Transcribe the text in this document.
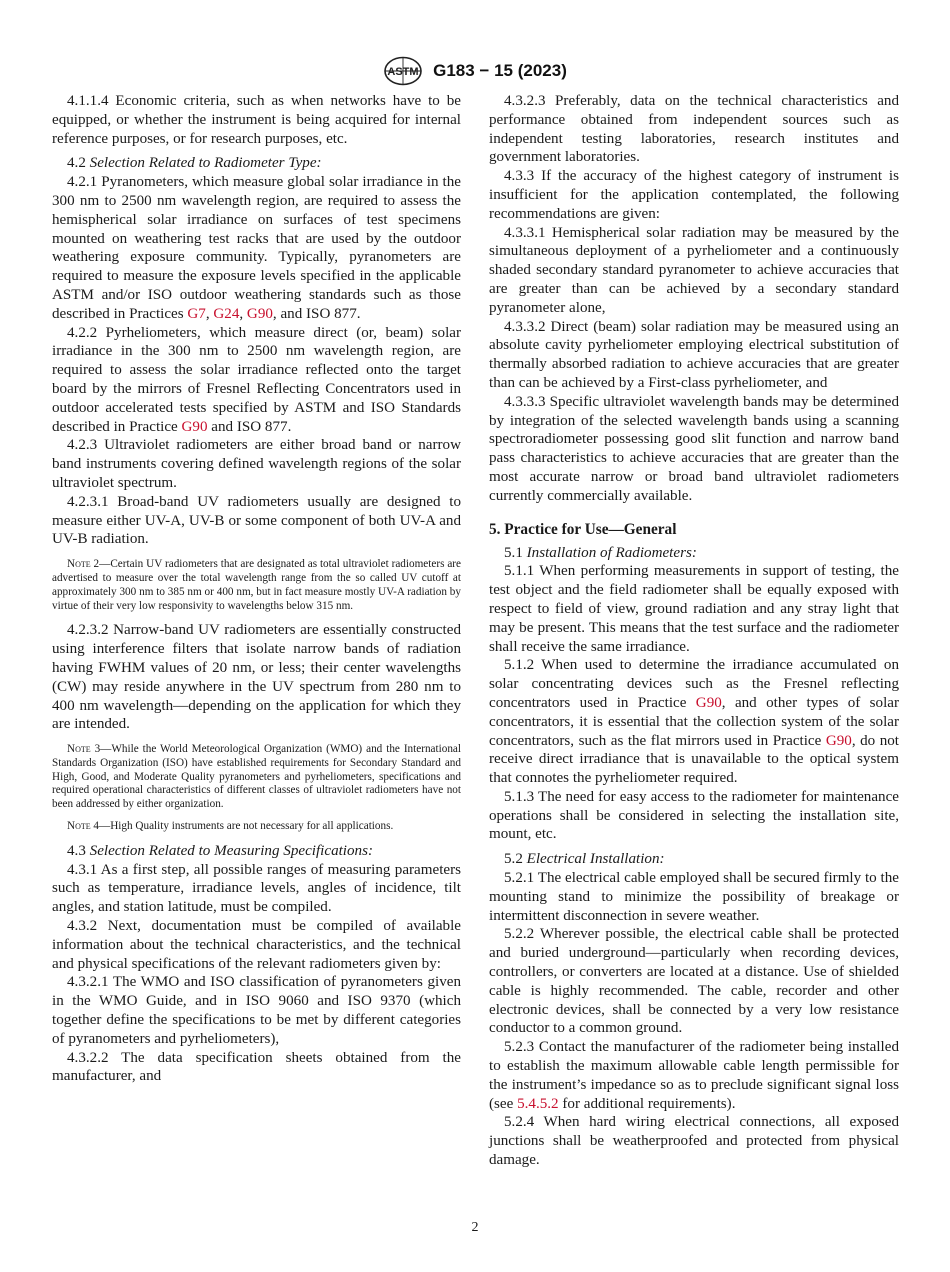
ASTM G183 − 15 (2023)

4.1.1.4 Economic criteria, such as when networks have to be equipped, or whether the instrument is being acquired for internal reference purposes, or for research purposes, etc.

4.2 Selection Related to Radiometer Type:

4.2.1 Pyranometers, which measure global solar irradiance in the 300 nm to 2500 nm wavelength region, are required to assess the hemispherical solar irradiance on surfaces of test specimens mounted on weathering test racks that are used by the outdoor weathering exposure community. Typically, pyranometers are required to measure the exposure levels specified in the applicable ASTM and/or ISO outdoor weathering standards such as those described in Practices G7, G24, G90, and ISO 877.

4.2.2 Pyrheliometers, which measure direct (or, beam) solar irradiance in the 300 nm to 2500 nm wavelength region, are required to assess the solar irradiance reflected onto the target board by the mirrors of Fresnel Reflecting Concentrators used in outdoor accelerated tests specified by ASTM and ISO Standards described in Practice G90 and ISO 877.

4.2.3 Ultraviolet radiometers are either broad band or narrow band instruments covering defined wavelength regions of the solar ultraviolet spectrum.

4.2.3.1 Broad-band UV radiometers usually are designed to measure either UV-A, UV-B or some component of both UV-A and UV-B radiation.

Note 2—Certain UV radiometers that are designated as total ultraviolet radiometers are advertised to measure over the total wavelength range from the so called UV cutoff at approximately 300 nm to 385 nm or 400 nm, but in fact measure mostly UV-A radiation by virtue of their very low responsivity to wavelengths below 315 nm.

4.2.3.2 Narrow-band UV radiometers are essentially constructed using interference filters that isolate narrow bands of radiation having FWHM values of 20 nm, or less; their center wavelengths (CW) may reside anywhere in the UV spectrum from 280 nm to 400 nm wavelength—depending on the application for which they are intended.

Note 3—While the World Meteorological Organization (WMO) and the International Standards Organization (ISO) have established requirements for Secondary Standard and High, Good, and Moderate Quality pyranometers and pyrheliometers, specifications and required operational characteristics of different classes of ultraviolet radiometers have not been addressed by either organization.

Note 4—High Quality instruments are not necessary for all applications.

4.3 Selection Related to Measuring Specifications:

4.3.1 As a first step, all possible ranges of measuring parameters such as temperature, irradiance levels, angles of incidence, tilt angles, and station latitude, must be compiled.

4.3.2 Next, documentation must be compiled of available information about the technical characteristics, and the technical and physical specifications of the relevant radiometers given by:

4.3.2.1 The WMO and ISO classification of pyranometers given in the WMO Guide, and in ISO 9060 and ISO 9370 (which together define the specifications to be met by different categories of pyranometers and pyrheliometers),

4.3.2.2 The data specification sheets obtained from the manufacturer, and

4.3.2.3 Preferably, data on the technical characteristics and performance obtained from independent sources such as independent testing laboratories, research institutes and government laboratories.

4.3.3 If the accuracy of the highest category of instrument is insufficient for the application contemplated, the following recommendations are given:

4.3.3.1 Hemispherical solar radiation may be measured by the simultaneous deployment of a pyrheliometer and a continuously shaded secondary standard pyranometer to achieve accuracies that are greater than can be achieved by a secondary standard pyranometer alone,

4.3.3.2 Direct (beam) solar radiation may be measured using an absolute cavity pyrheliometer employing electrical substitution of thermally absorbed radiation to achieve accuracies that are greater than can be achieved by a First-class pyrheliometer, and

4.3.3.3 Specific ultraviolet wavelength bands may be determined by integration of the selected wavelength bands using a scanning spectroradiometer possessing good slit function and narrow band pass characteristics to achieve accuracies that are greater than the most accurate narrow or broad band ultraviolet radiometers currently commercially available.

5. Practice for Use—General

5.1 Installation of Radiometers:

5.1.1 When performing measurements in support of testing, the test object and the field radiometer shall be equally exposed with respect to field of view, ground radiation and any stray light that may be present. This means that the test surface and the radiometer shall receive the same irradiance.

5.1.2 When used to determine the irradiance accumulated on solar concentrating devices such as the Fresnel reflecting concentrators used in Practice G90, and other types of solar concentrators, it is essential that the collection system of the solar concentrators, such as the flat mirrors used in Practice G90, do not receive direct irradiance that is unavailable to the optical system that connotes the pyrheliometer required.

5.1.3 The need for easy access to the radiometer for maintenance operations shall be considered in selecting the installation site, mount, etc.

5.2 Electrical Installation:

5.2.1 The electrical cable employed shall be secured firmly to the mounting stand to minimize the possibility of breakage or intermittent disconnection in severe weather.

5.2.2 Wherever possible, the electrical cable shall be protected and buried underground—particularly when recording devices, controllers, or converters are located at a distance. Use of shielded cable is highly recommended. The cable, recorder and other electronic devices, shall be connected by a very low resistance conductor to a common ground.

5.2.3 Contact the manufacturer of the radiometer being installed to establish the maximum allowable cable length permissible for the instrument’s impedance so as to preclude significant signal loss (see 5.4.5.2 for additional requirements).

5.2.4 When hard wiring electrical connections, all exposed junctions shall be weatherproofed and protected from physical damage.

2
